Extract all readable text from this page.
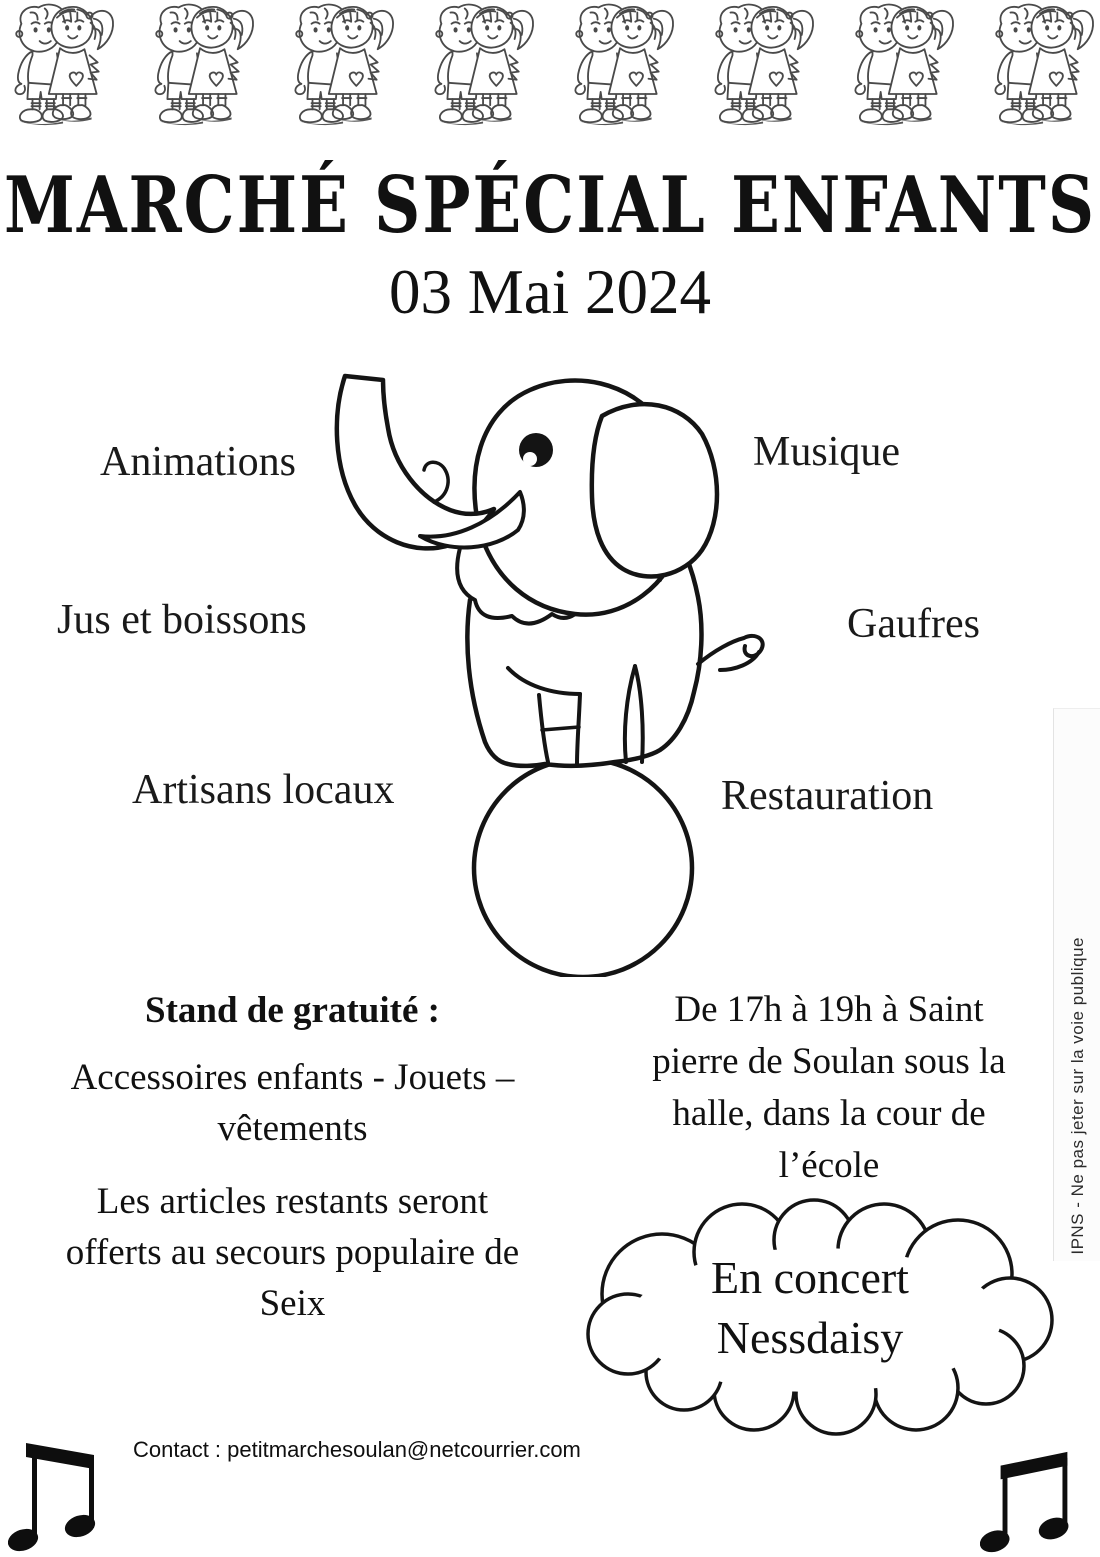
MARCHÉ SPÉCIAL ENFANTS
03 Mai 2024
Animations	Musique
Jus et boissons	Gaufres
Artisans locaux	Restauration
Stand de gratuité :
Accessoires enfants - Jouets –
vêtements
Les articles restants seront
offerts au secours populaire de
Seix
De 17h à 19h à Saint
pierre de Soulan sous la
halle, dans la cour de
l’école
En concert
Nessdaisy
IPNS - Ne pas jeter sur la voie publique
Contact : petitmarchesoulan@netcourrier.com
